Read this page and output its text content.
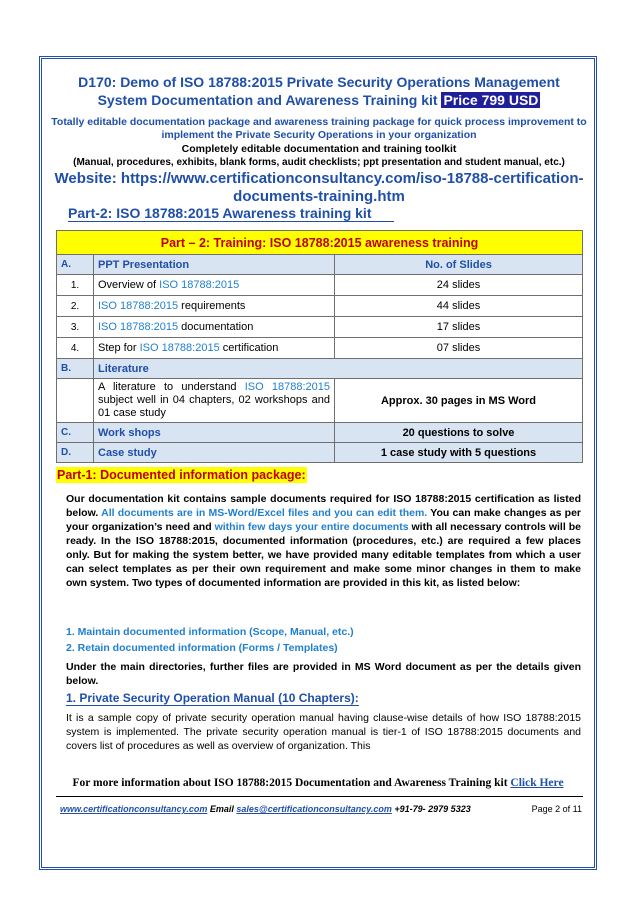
D170: Demo of ISO 18788:2015 Private Security Operations Management
System Documentation and Awareness Training kit Price 799 USD
Totally editable documentation package and awareness training package for quick process improvement to implement the Private Security Operations in your organization
Completely editable documentation and training toolkit
(Manual, procedures, exhibits, blank forms, audit checklists; ppt presentation and student manual, etc.)
Website: https://www.certificationconsultancy.com/iso-18788-certification-documents-training.htm
Part-2: ISO 18788:2015 Awareness training kit
Part – 2: Training: ISO 18788:2015 awareness training		
A.	PPT Presentation	No. of Slides
1.	Overview of ISO 18788:2015	24 slides
2.	ISO 18788:2015 requirements	44 slides
3.	ISO 18788:2015 documentation	17 slides
4.	Step for ISO 18788:2015 certification	07 slides
B.	Literature	
	A literature to understand ISO 18788:2015 subject well in 04 chapters, 02 workshops and 01 case study	Approx. 30 pages in MS Word
C.	Work shops	20 questions to solve
D.	Case study	1 case study with 5 questions
Part-1: Documented information package:
Our documentation kit contains sample documents required for ISO 18788:2015 certification as listed below. All documents are in MS-Word/Excel files and you can edit them. You can make changes as per your organization’s need and within few days your entire documents with all necessary controls will be ready. In the ISO 18788:2015, documented information (procedures, etc.) are required a few places only. But for making the system better, we have provided many editable templates from which a user can select templates as per their own requirement and make some minor changes in them to make own system. Two types of documented information are provided in this kit, as listed below:
1. Maintain documented information (Scope, Manual, etc.)
2. Retain documented information (Forms / Templates)
Under the main directories, further files are provided in MS Word document as per the details given below.
1. Private Security Operation Manual (10 Chapters):
It is a sample copy of private security operation manual having clause-wise details of how ISO 18788:2015 system is implemented. The private security operation manual is tier-1 of ISO 18788:2015 documents and covers list of procedures as well as overview of organization. This
For more information about ISO 18788:2015 Documentation and Awareness Training kit Click Here
www.certificationconsultancy.com Email sales@certificationconsultancy.com +91-79- 2979 5323	Page 2 of 11
